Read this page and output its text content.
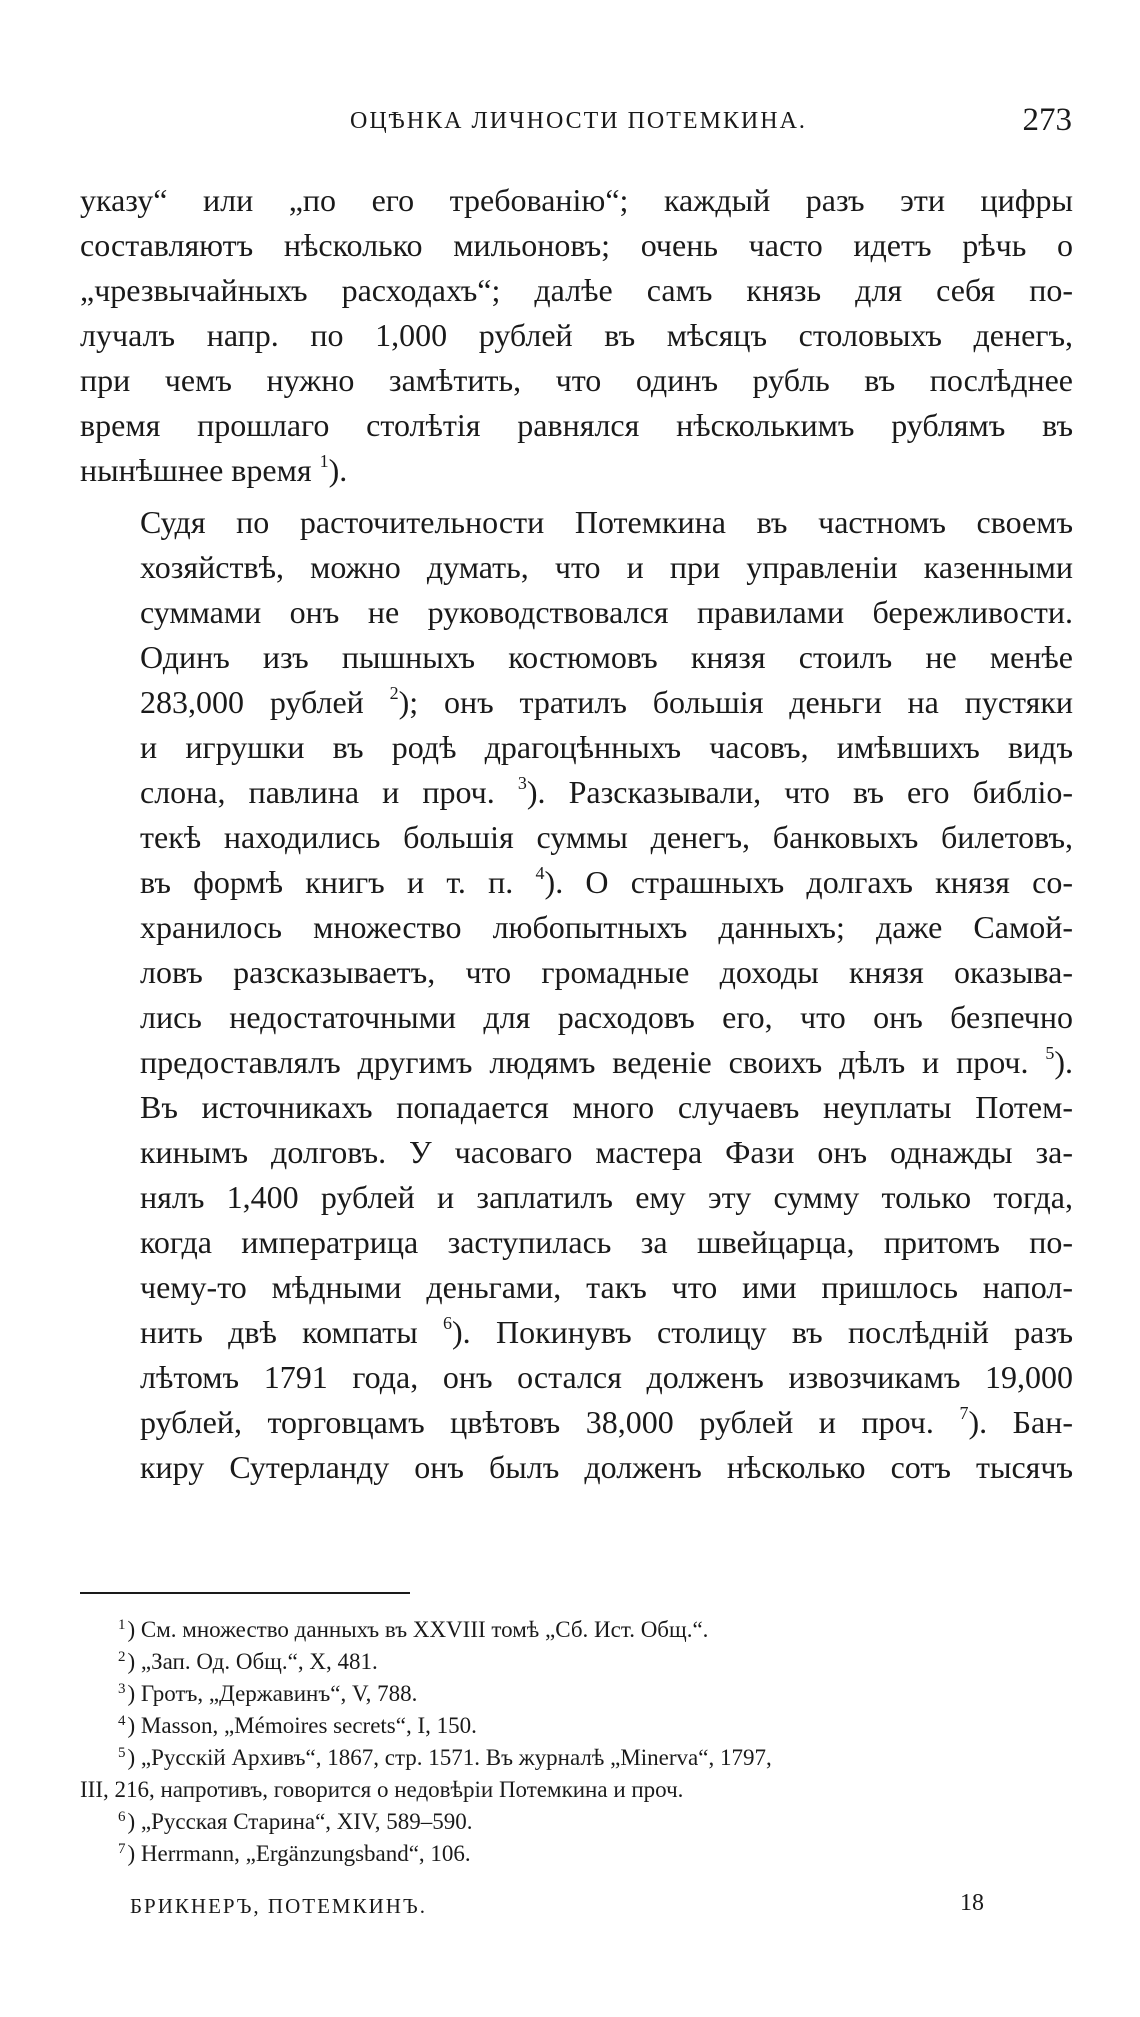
ОЦѢНКА ЛИЧНОСТИ ПОТЕМКИНА.	273

указу“ или „по его требованію“; каждый разъ эти цифры
составляютъ нѣсколько мильоновъ; очень часто идетъ рѣчь о
„чрезвычайныхъ расходахъ“; далѣе самъ князь для себя по-
лучалъ напр. по 1,000 рублей въ мѣсяцъ столовыхъ денегъ,
при чемъ нужно замѣтить, что одинъ рубль въ послѣднее
время прошлаго столѣтія равнялся нѣсколькимъ рублямъ въ
нынѣшнее время $^1$).

Судя по расточительности Потемкина въ частномъ своемъ
хозяйствѣ, можно думать, что и при управленіи казенными
суммами онъ не руководствовался правилами бережливости.
Одинъ изъ пышныхъ костюмовъ князя стоилъ не менѣе
283,000 рублей $^2$); онъ тратилъ большія деньги на пустяки
и игрушки въ родѣ драгоцѣнныхъ часовъ, имѣвшихъ видъ
слона, павлина и проч. $^3$). Разсказывали, что въ его библіо-
текѣ находились большія суммы денегъ, банковыхъ билетовъ,
въ формѣ книгъ и т. п. $^4$). О страшныхъ долгахъ князя со-
хранилось множество любопытныхъ данныхъ; даже Самой-
ловъ разсказываетъ, что громадные доходы князя оказыва-
лись недостаточными для расходовъ его, что онъ безпечно
предоставлялъ другимъ людямъ веденіе своихъ дѣлъ и проч. $^5$).
Въ источникахъ попадается много случаевъ неуплаты Потем-
кинымъ долговъ. У часоваго мастера Фази онъ однажды за-
нялъ 1,400 рублей и заплатилъ ему эту сумму только тогда,
когда императрица заступилась за швейцарца, притомъ по-
чему-то мѣдными деньгами, такъ что ими пришлось напол-
нить двѣ компаты $^6$). Покинувъ столицу въ послѣдній разъ
лѣтомъ 1791 года, онъ остался долженъ извозчикамъ 19,000
рублей, торговцамъ цвѣтовъ 38,000 рублей и проч. $^7$). Бан-
киру Сутерланду онъ былъ долженъ нѣсколько сотъ тысячъ

$^1$) См. множество данныхъ въ XXVIII томѣ „Сб. Ист. Общ.“.
$^2$) „Зап. Од. Общ.“, X, 481.
$^3$) Гротъ, „Державинъ“, V, 788.
$^4$) Masson, „Mémoires secrets“, I, 150.
$^5$) „Русскій Архивъ“, 1867, стр. 1571. Въ журналѣ „Minerva“, 1797,
III, 216, напротивъ, говорится о недовѣріи Потемкина и проч.
$^6$) „Русская Старина“, XIV, 589–590.
$^7$) Herrmann, „Ergänzungsband“, 106.
БРИКНЕРЪ, ПОТЕМКИНЪ.	18
